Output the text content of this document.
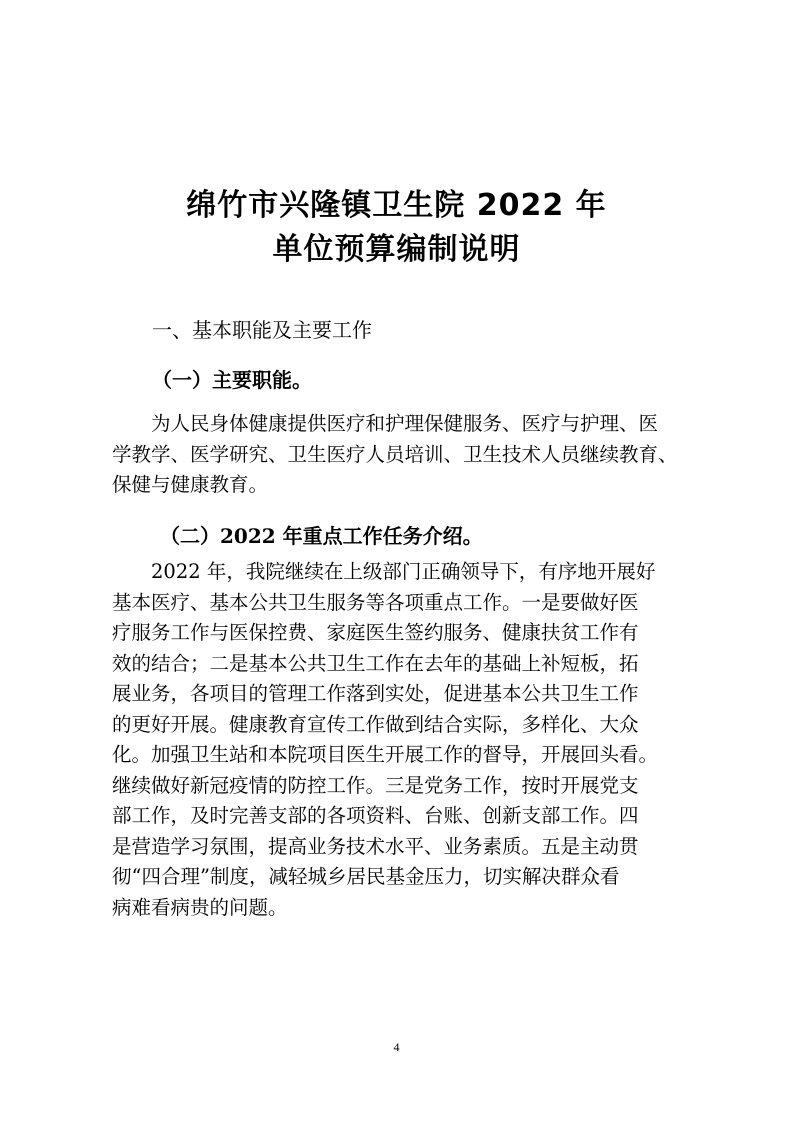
绵竹市兴隆镇卫生院 2022 年
单位预算编制说明
一、基本职能及主要工作
（一）主要职能。
　　为人民身体健康提供医疗和护理保健服务、医疗与护理、医
学教学、医学研究、卫生医疗人员培训、卫生技术人员继续教育、
保健与健康教育。
（二）2022 年重点工作任务介绍。
　　2022 年，我院继续在上级部门正确领导下，有序地开展好
基本医疗、基本公共卫生服务等各项重点工作。一是要做好医
疗服务工作与医保控费、家庭医生签约服务、健康扶贫工作有
效的结合；二是基本公共卫生工作在去年的基础上补短板，拓
展业务，各项目的管理工作落到实处，促进基本公共卫生工作
的更好开展。健康教育宣传工作做到结合实际，多样化、大众
化。加强卫生站和本院项目医生开展工作的督导，开展回头看。
继续做好新冠疫情的防控工作。三是党务工作，按时开展党支
部工作，及时完善支部的各项资料、台账、创新支部工作。四
是营造学习氛围，提高业务技术水平、业务素质。五是主动贯
彻“四合理”制度，减轻城乡居民基金压力，切实解决群众看
病难看病贵的问题。
4
